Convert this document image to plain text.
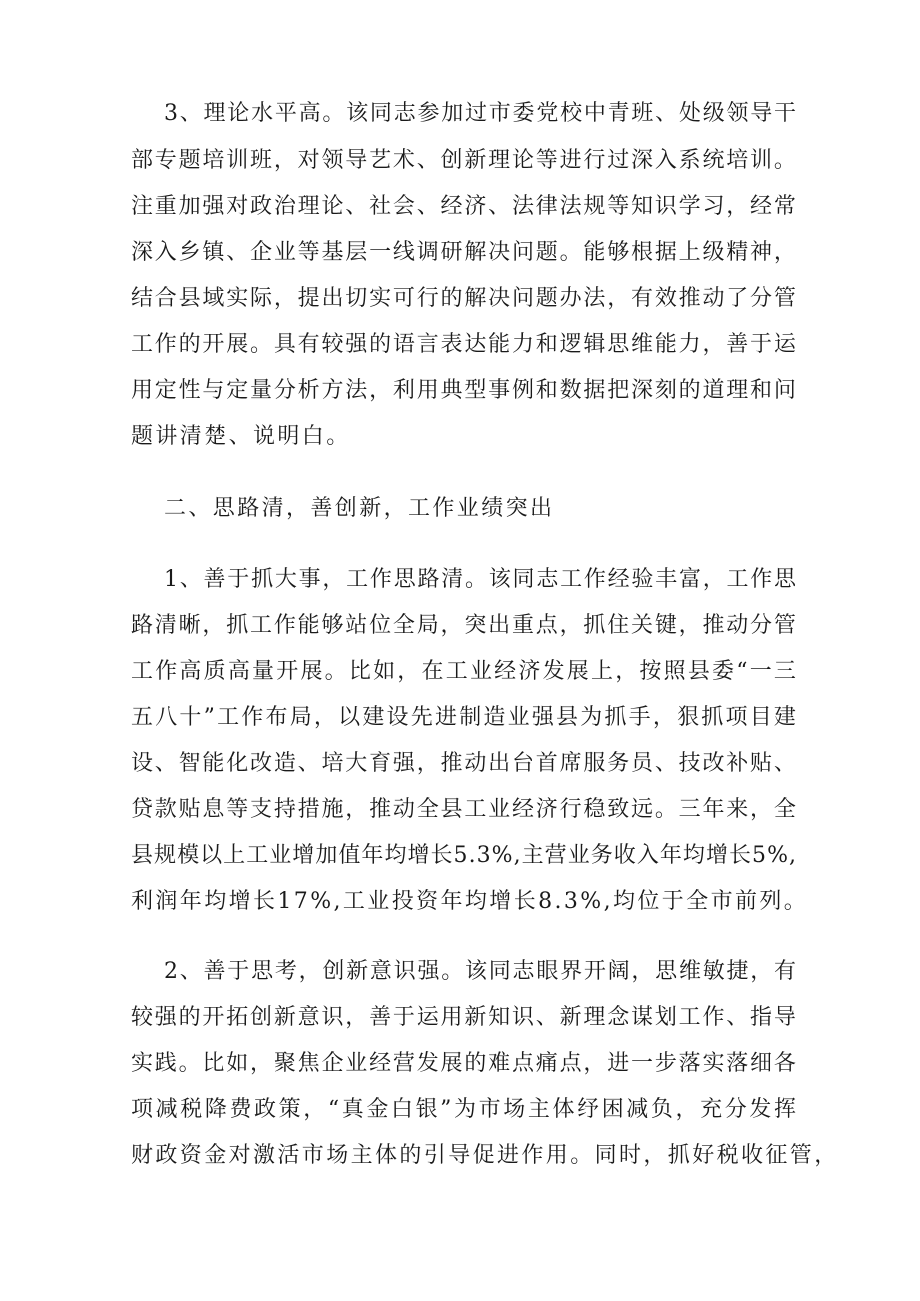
3、理论水平高。该同志参加过市委党校中青班、处级领导干
部专题培训班，对领导艺术、创新理论等进行过深入系统培训。
注重加强对政治理论、社会、经济、法律法规等知识学习，经常
深入乡镇、企业等基层一线调研解决问题。能够根据上级精神，
结合县域实际，提出切实可行的解决问题办法，有效推动了分管
工作的开展。具有较强的语言表达能力和逻辑思维能力，善于运
用定性与定量分析方法，利用典型事例和数据把深刻的道理和问
题讲清楚、说明白。
二、思路清，善创新，工作业绩突出
1、善于抓大事，工作思路清。该同志工作经验丰富，工作思
路清晰，抓工作能够站位全局，突出重点，抓住关键，推动分管
工作高质高量开展。比如，在工业经济发展上，按照县委“一三
五八十”工作布局，以建设先进制造业强县为抓手，狠抓项目建
设、智能化改造、培大育强，推动出台首席服务员、技改补贴、
贷款贴息等支持措施，推动全县工业经济行稳致远。三年来，全
县规模以上工业增加值年均增长5.3%,主营业务收入年均增长5%,
利润年均增长17%,工业投资年均增长8.3%,均位于全市前列。
2、善于思考，创新意识强。该同志眼界开阔，思维敏捷，有
较强的开拓创新意识，善于运用新知识、新理念谋划工作、指导
实践。比如，聚焦企业经营发展的难点痛点，进一步落实落细各
项减税降费政策，“真金白银”为市场主体纾困减负，充分发挥
财政资金对激活市场主体的引导促进作用。同时，抓好税收征管，
